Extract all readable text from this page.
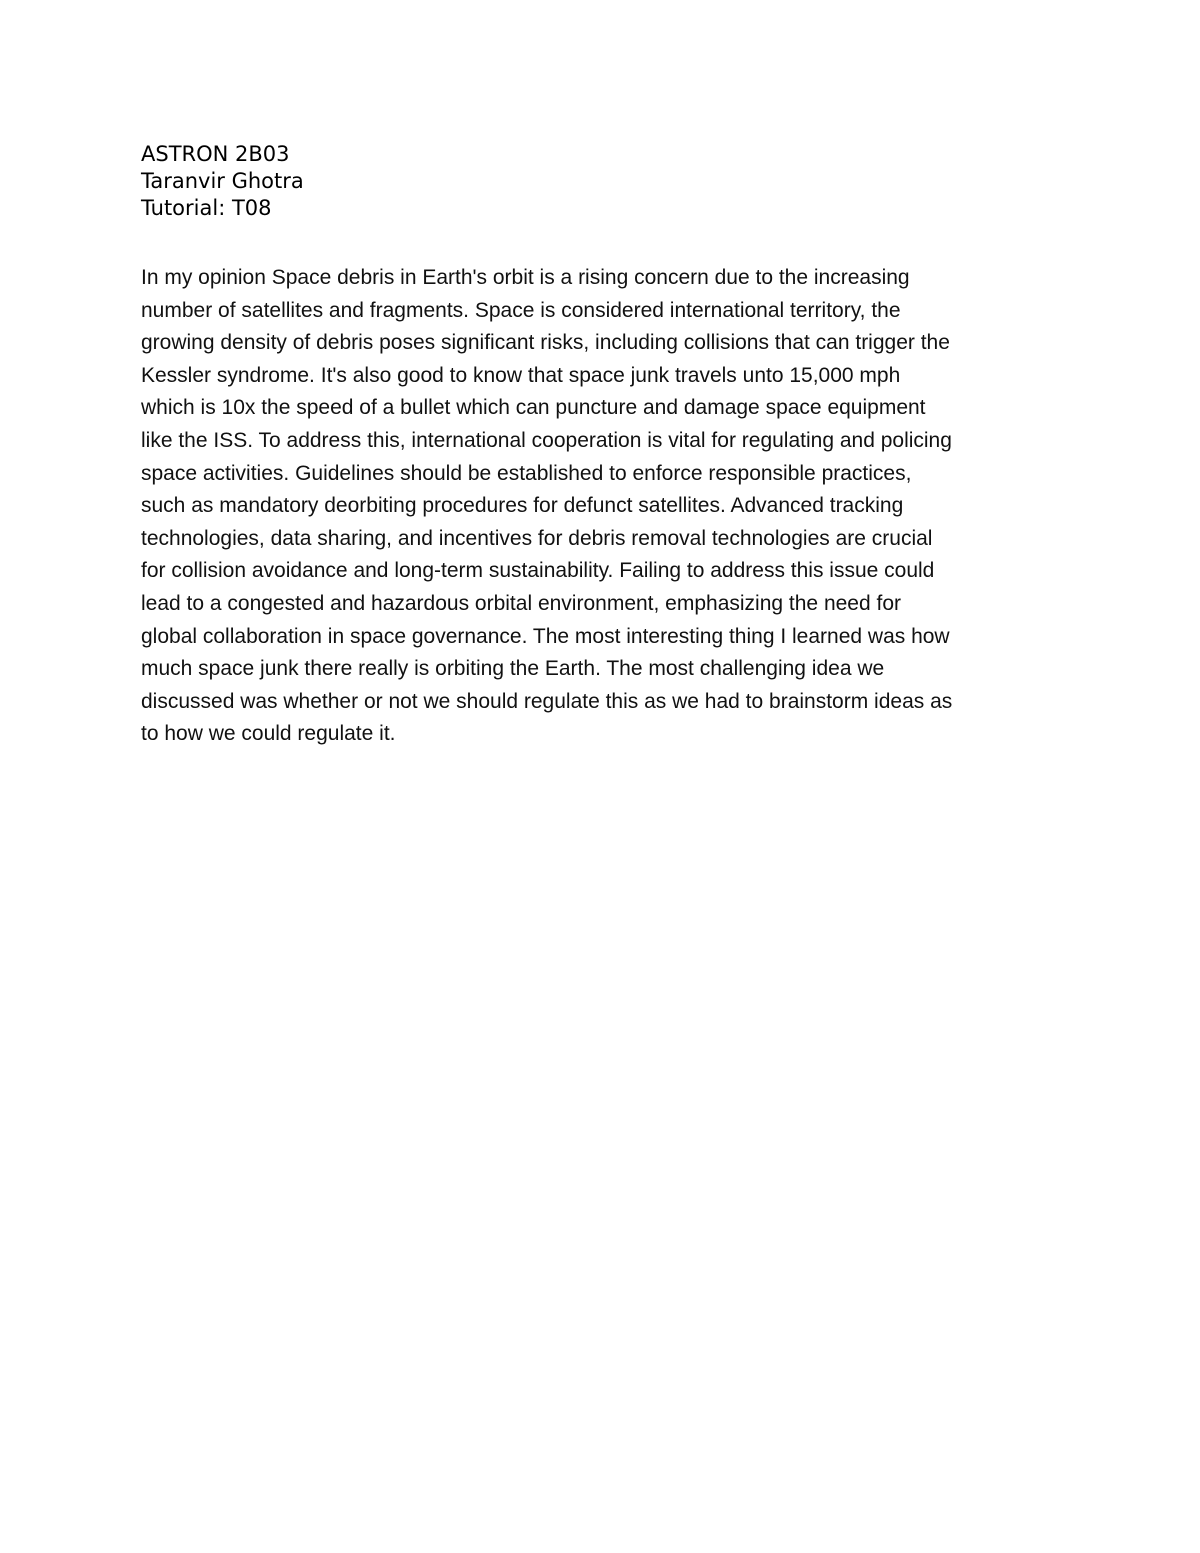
ASTRON 2B03
Taranvir Ghotra
Tutorial: T08

In my opinion Space debris in Earth's orbit is a rising concern due to the increasing
number of satellites and fragments. Space is considered international territory, the
growing density of debris poses significant risks, including collisions that can trigger the
Kessler syndrome. It's also good to know that space junk travels unto 15,000 mph
which is 10x the speed of a bullet which can puncture and damage space equipment
like the ISS. To address this, international cooperation is vital for regulating and policing
space activities. Guidelines should be established to enforce responsible practices,
such as mandatory deorbiting procedures for defunct satellites. Advanced tracking
technologies, data sharing, and incentives for debris removal technologies are crucial
for collision avoidance and long-term sustainability. Failing to address this issue could
lead to a congested and hazardous orbital environment, emphasizing the need for
global collaboration in space governance. The most interesting thing I learned was how
much space junk there really is orbiting the Earth. The most challenging idea we
discussed was whether or not we should regulate this as we had to brainstorm ideas as
to how we could regulate it.
